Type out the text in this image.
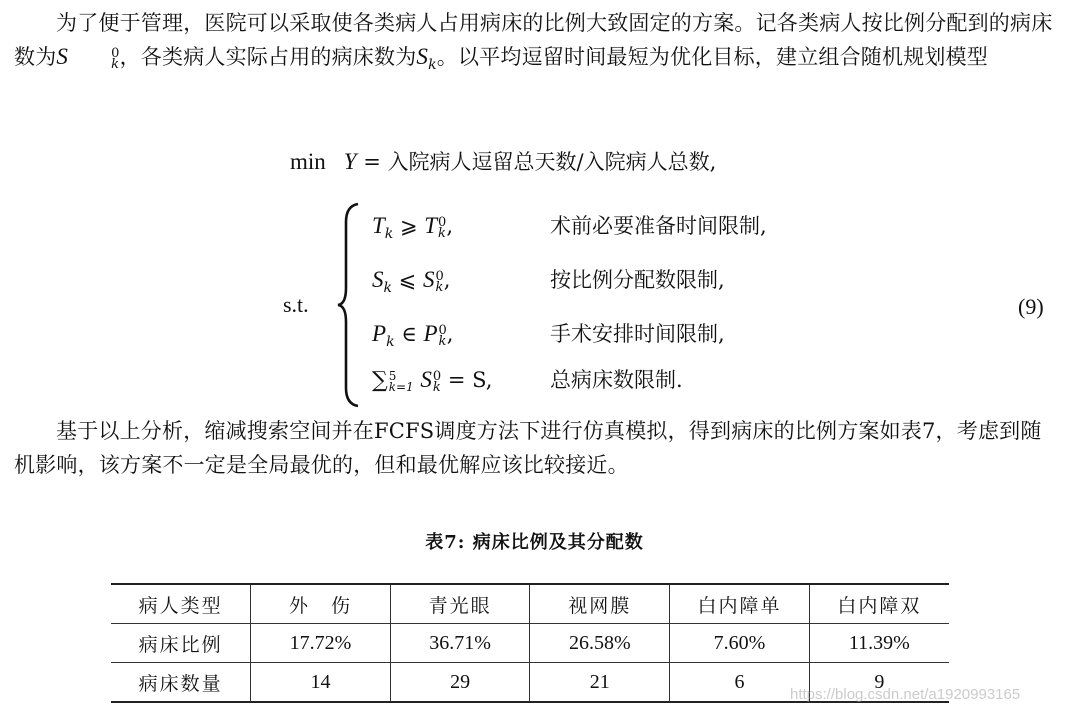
为了便于管理，医院可以采取使各类病人占用病床的比例大致固定的方案。记各类病人按比例分配到的病床数为S	0
k ，各类病人实际占用的病床数为$S_k$。以平均逗留时间最短为优化目标，建立组合随机规划模型
min Y = 入院病人逗留总天数/入院病人总数,
s.t.
$T_k$ ⩾ T 0
k ,	术前必要准备时间限制,
$S_k$ ⩽ S 0
k ,	按比例分配数限制,
$P_k$ ∈ P 0
k ,	手术安排时间限制,
∑ 5
k=1 S 0
k = S,	总病床数限制.
(9)
基于以上分析，缩减搜索空间并在FCFS调度方法下进行仿真模拟，得到病床的比例方案如表7，考虑到随机影响，该方案不一定是全局最优的，但和最优解应该比较接近。
表7: 病床比例及其分配数
病人类型	外　伤	青光眼	视网膜	白内障单	白内障双
病床比例	17.72%	36.71%	26.58%	7.60%	11.39%
病床数量	14	29	21	6	9
https://blog.csdn.net/a1920993165
